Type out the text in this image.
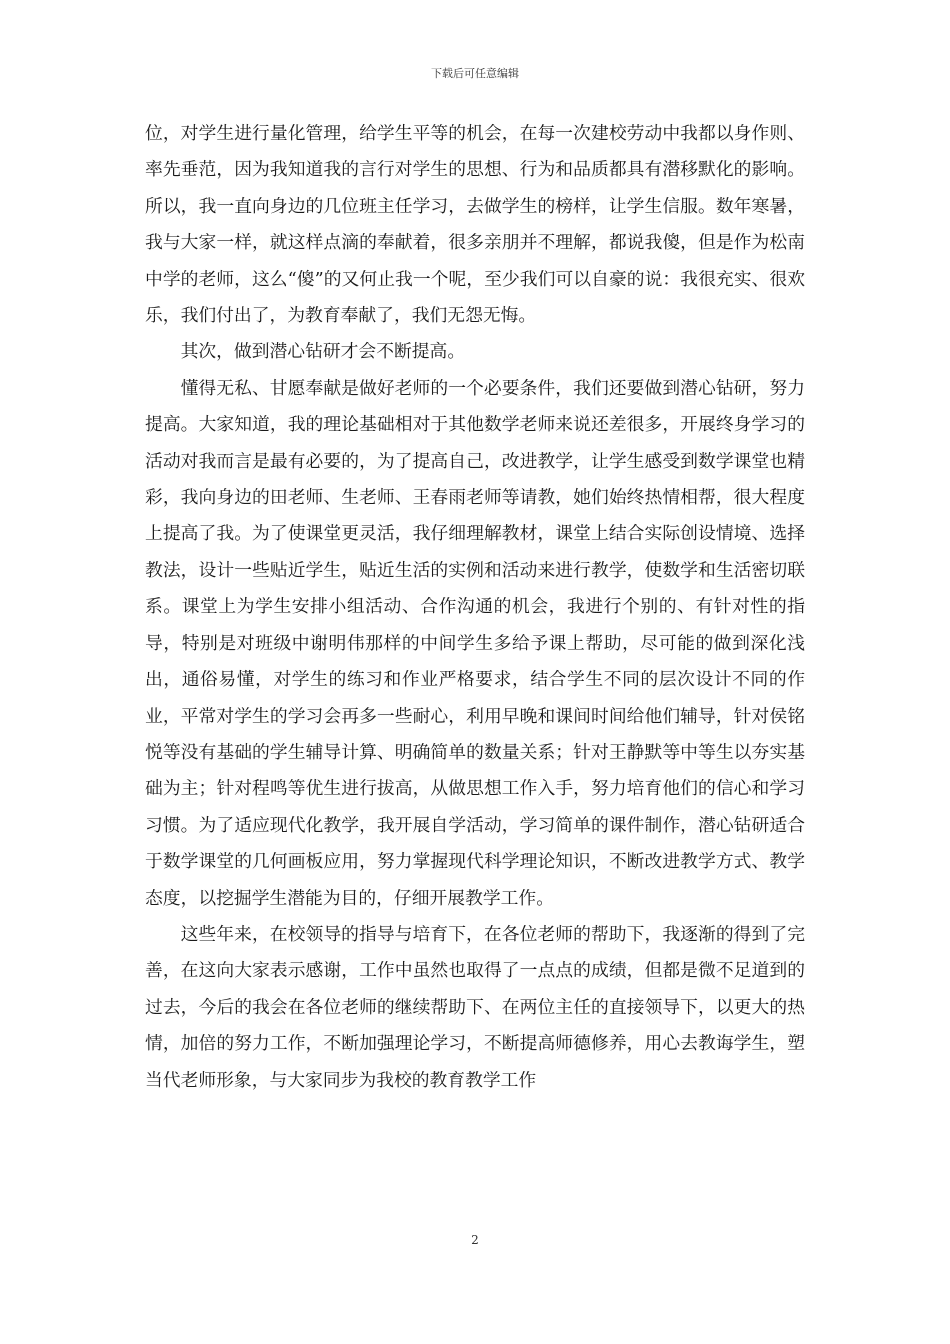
下载后可任意编辑

位，对学生进行量化管理，给学生平等的机会，在每一次建校劳动中我都以身作则、率先垂范，因为我知道我的言行对学生的思想、行为和品质都具有潜移默化的影响。所以，我一直向身边的几位班主任学习，去做学生的榜样，让学生信服。数年寒暑，我与大家一样，就这样点滴的奉献着，很多亲朋并不理解，都说我傻，但是作为松南中学的老师，这么“傻”的又何止我一个呢，至少我们可以自豪的说：我很充实、很欢乐，我们付出了，为教育奉献了，我们无怨无悔。

其次，做到潜心钻研才会不断提高。

懂得无私、甘愿奉献是做好老师的一个必要条件，我们还要做到潜心钻研，努力提高。大家知道，我的理论基础相对于其他数学老师来说还差很多，开展终身学习的活动对我而言是最有必要的，为了提高自己，改进教学，让学生感受到数学课堂也精彩，我向身边的田老师、生老师、王春雨老师等请教，她们始终热情相帮，很大程度上提高了我。为了使课堂更灵活，我仔细理解教材，课堂上结合实际创设情境、选择教法，设计一些贴近学生，贴近生活的实例和活动来进行教学，使数学和生活密切联系。课堂上为学生安排小组活动、合作沟通的机会，我进行个别的、有针对性的指导，特别是对班级中谢明伟那样的中间学生多给予课上帮助，尽可能的做到深化浅出，通俗易懂，对学生的练习和作业严格要求，结合学生不同的层次设计不同的作业，平常对学生的学习会再多一些耐心，利用早晚和课间时间给他们辅导，针对侯铭悦等没有基础的学生辅导计算、明确简单的数量关系；针对王静默等中等生以夯实基础为主；针对程鸣等优生进行拔高，从做思想工作入手，努力培育他们的信心和学习习惯。为了适应现代化教学，我开展自学活动，学习简单的课件制作，潜心钻研适合于数学课堂的几何画板应用，努力掌握现代科学理论知识，不断改进教学方式、教学态度，以挖掘学生潜能为目的，仔细开展教学工作。

这些年来，在校领导的指导与培育下，在各位老师的帮助下，我逐渐的得到了完善，在这向大家表示感谢，工作中虽然也取得了一点点的成绩，但都是微不足道到的过去，今后的我会在各位老师的继续帮助下、在两位主任的直接领导下，以更大的热情，加倍的努力工作，不断加强理论学习，不断提高师德修养，用心去教诲学生，塑当代老师形象，与大家同步为我校的教育教学工作

2
